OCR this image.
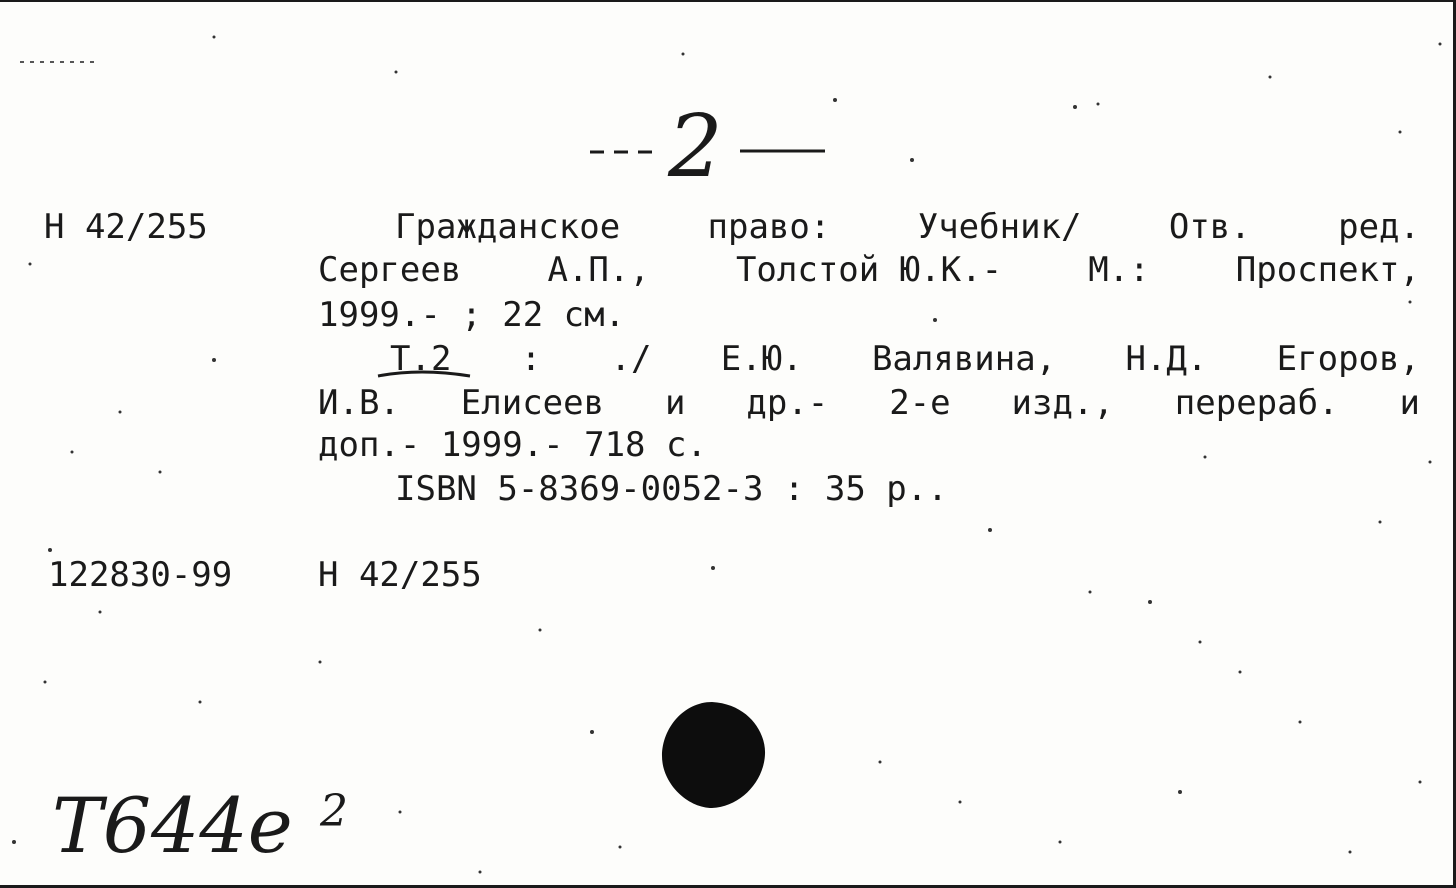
2
Н 42/255	Гражданское	право:	Учебник/	Отв.	ред.
Сергеев	А.П.,	Толстой Ю.К.-	М.:	Проспект,
1999.- ; 22 см.
Т.2 : ./ Е.Ю. Валявина, Н.Д. Егоров,
И.В. Елисеев и др.- 2-е изд., перераб. и
доп.- 1999.- 718 с.
ISBN 5-8369-0052-3 : 35 р..
122830-99	Н 42/255
Т644е 2
